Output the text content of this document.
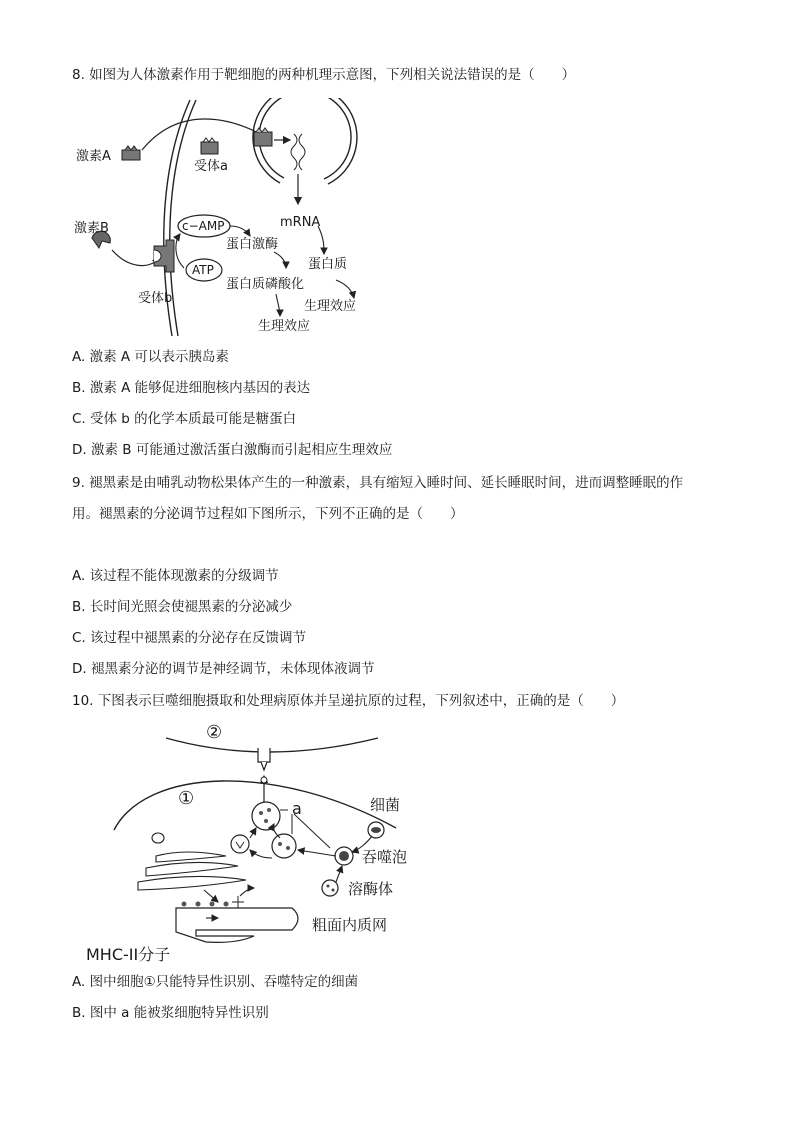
8. 如图为人体激素作用于靶细胞的两种机理示意图，下列相关说法错误的是（　　）

激素A
受体a
mRNA
激素B	c−AMP
ATP
蛋白激酶
蛋白质
蛋白质磷酸化
受体b
生理效应
生理效应

A. 激素 A 可以表示胰岛素

B. 激素 A 能够促进细胞核内基因的表达

C. 受体 b 的化学本质最可能是糖蛋白

D. 激素 B 可能通过激活蛋白激酶而引起相应生理效应

9. 褪黑素是由哺乳动物松果体产生的一种激素，具有缩短入睡时间、延长睡眠时间，进而调整睡眠的作

用。褪黑素的分泌调节过程如下图所示，下列不正确的是（　　）

A. 该过程不能体现激素的分级调节

B. 长时间光照会使褪黑素的分泌减少

C. 该过程中褪黑素的分泌存在反馈调节

D. 褪黑素分泌的调节是神经调节，未体现体液调节

10. 下图表示巨噬细胞摄取和处理病原体并呈递抗原的过程，下列叙述中，正确的是（　　）

②
①	a	细菌
吞噬泡
溶酶体
粗面内质网
MHC-II分子

A. 图中细胞①只能特异性识别、吞噬特定的细菌

B. 图中 a 能被浆细胞特异性识别
